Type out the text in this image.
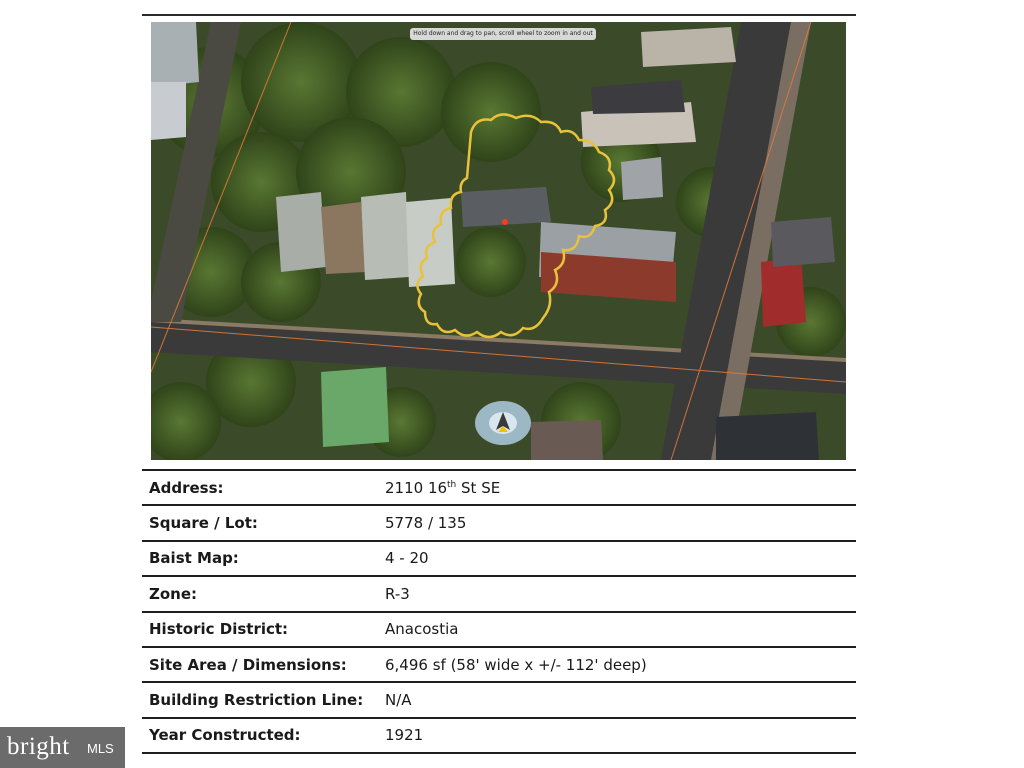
Hold down and drag to pan, scroll wheel to zoom in and out
Address:	2110 16th St SE
Square / Lot:	5778 / 135
Baist Map:	4 - 20
Zone:	R-3
Historic District:	Anacostia
Site Area / Dimensions:	6,496 sf (58' wide x +/- 112' deep)
Building Restriction Line:	N/A
Year Constructed:	1921
bright MLS
